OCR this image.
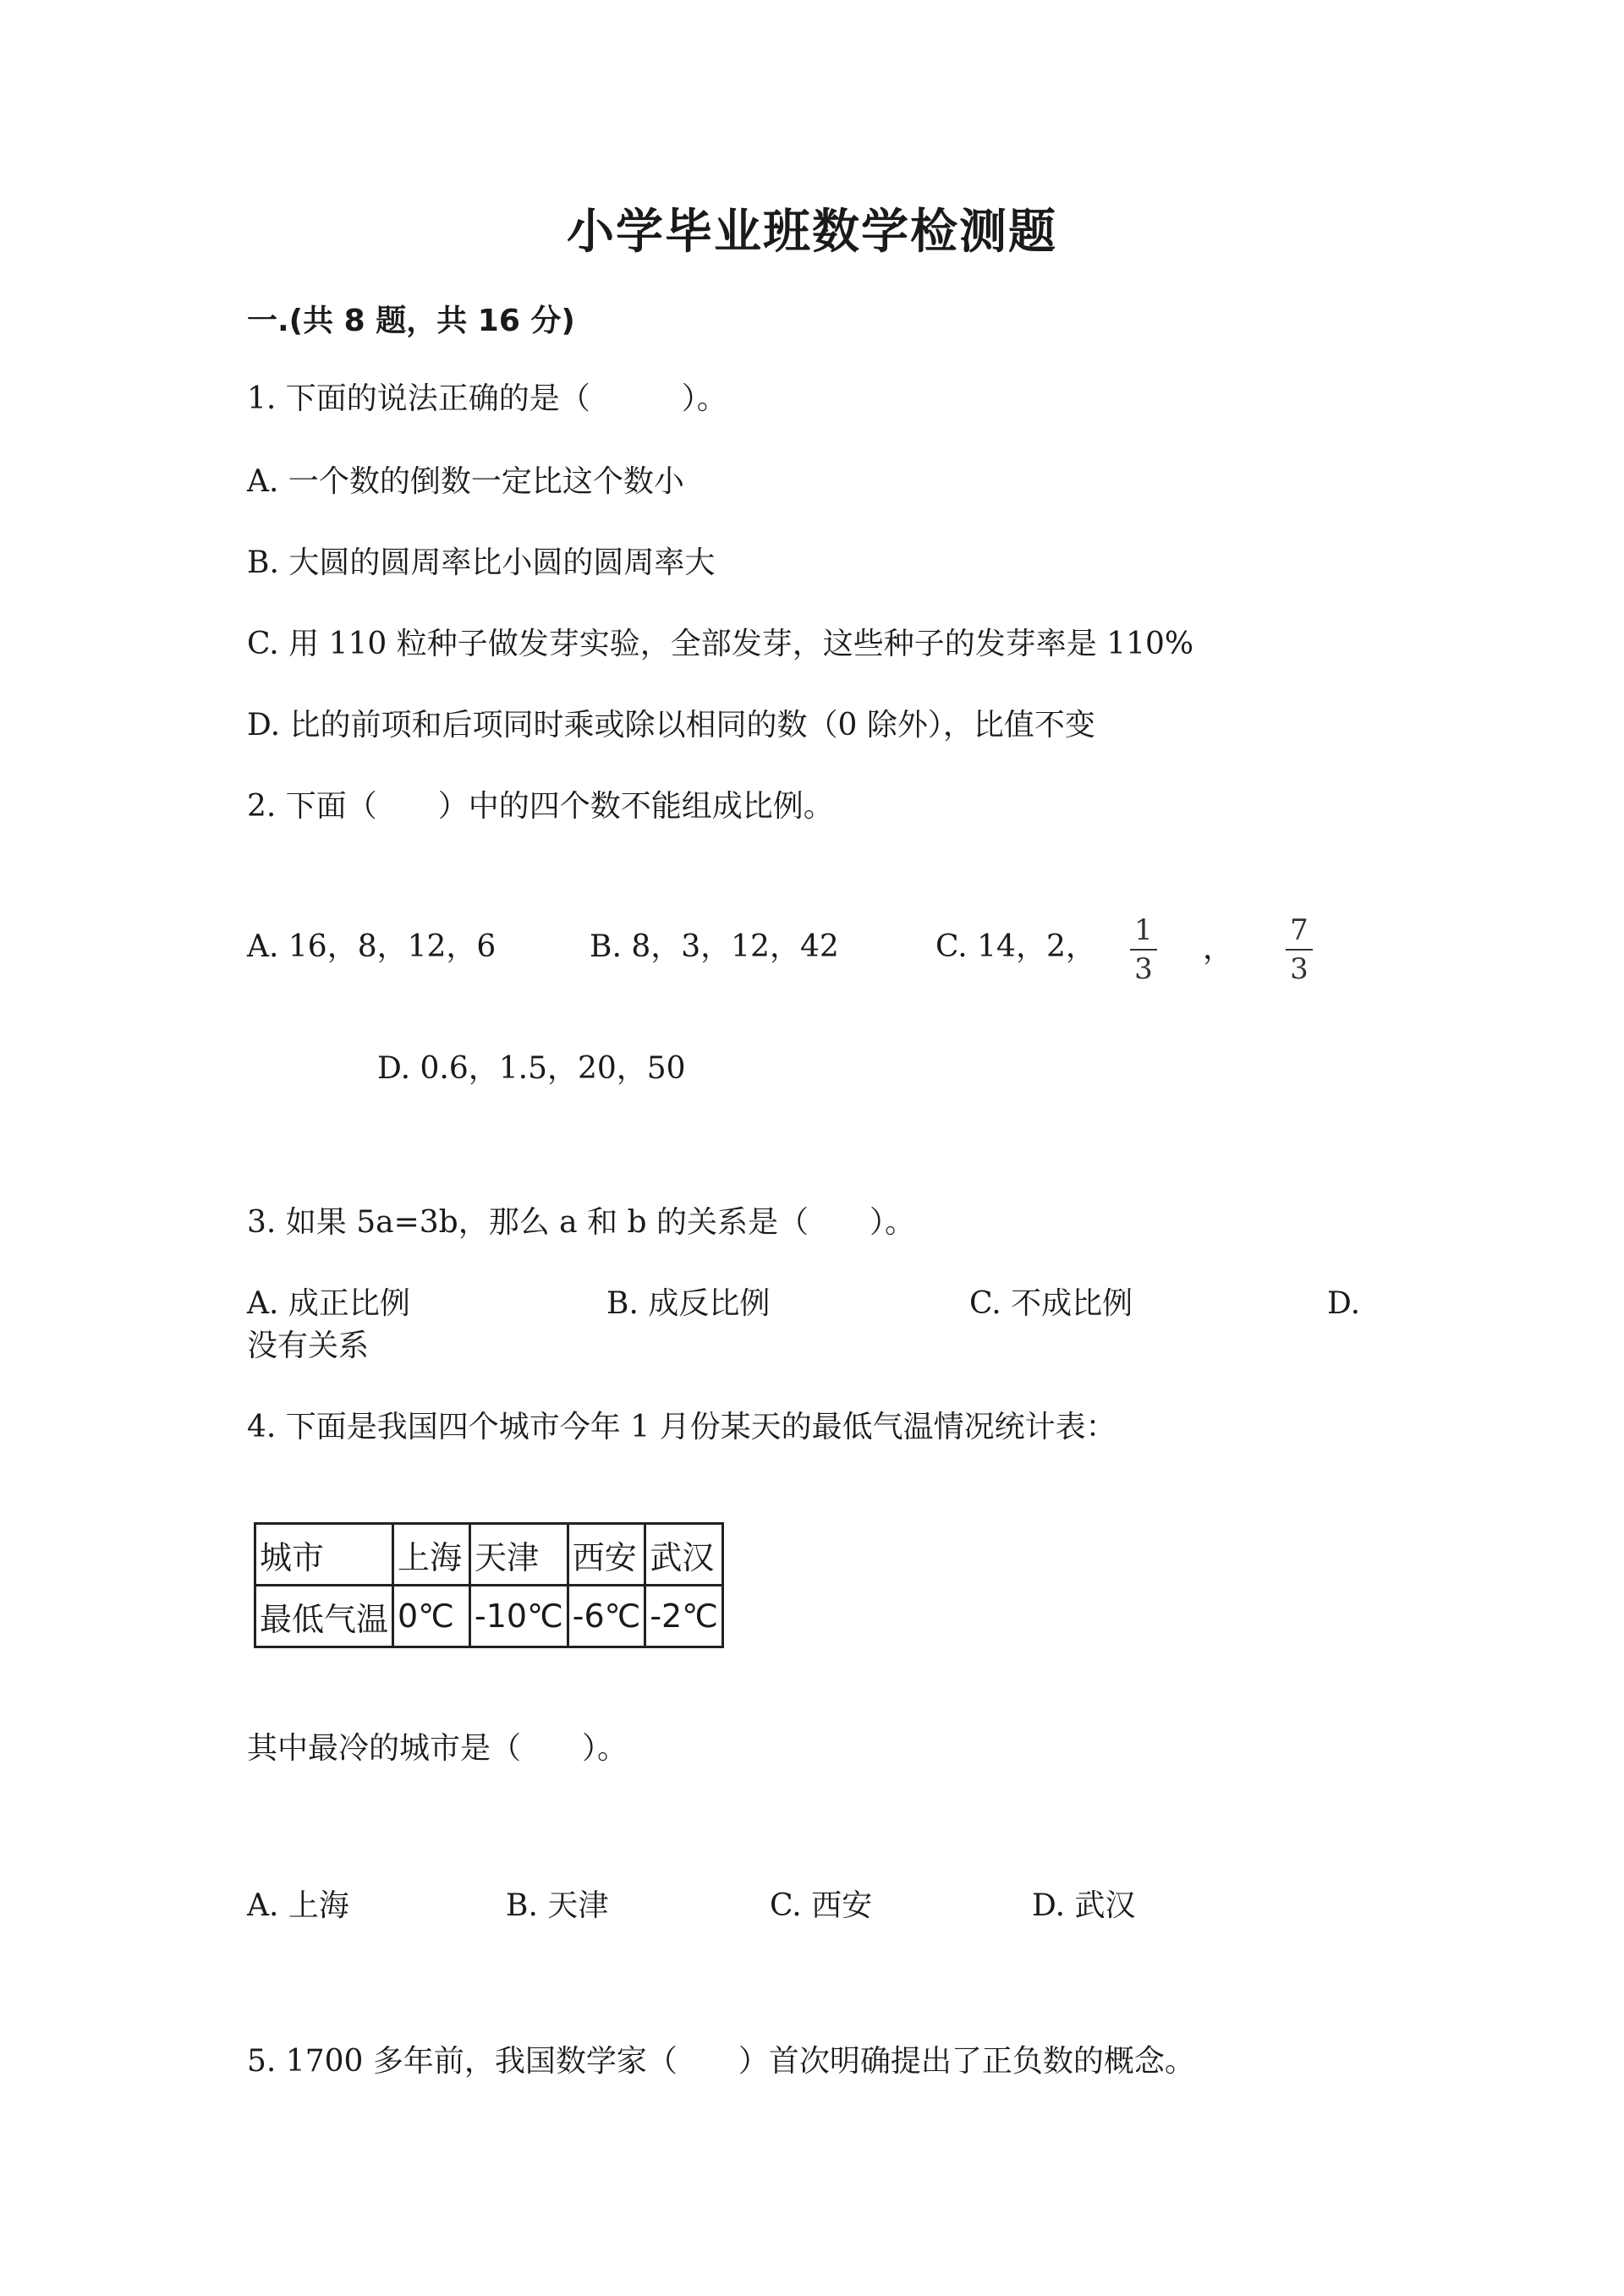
小学毕业班数学检测题
一.(共 8 题，共 16 分)
1. 下面的说法正确的是（　　　）。
A. 一个数的倒数一定比这个数小
B. 大圆的圆周率比小圆的圆周率大
C. 用 110 粒种子做发芽实验，全部发芽，这些种子的发芽率是 110%
D. 比的前项和后项同时乘或除以相同的数（0 除外），比值不变
2. 下面（　　）中的四个数不能组成比例。
A. 16，8，12，6	B. 8，3，12，42	C. 14，2， 1
3
，
7
3
D. 0.6，1.5，20，50
3. 如果 5a=3b，那么 a 和 b 的关系是（　　）。
A. 成正比例	B. 成反比例	C. 不成比例	D.
没有关系
4. 下面是我国四个城市今年 1 月份某天的最低气温情况统计表：
城市	上海	天津	西安	武汉
最低气温	0℃	-10℃	-6℃	-2℃
其中最冷的城市是（　　）。
A. 上海	B. 天津	C. 西安	D. 武汉
5. 1700 多年前，我国数学家（　　）首次明确提出了正负数的概念。
